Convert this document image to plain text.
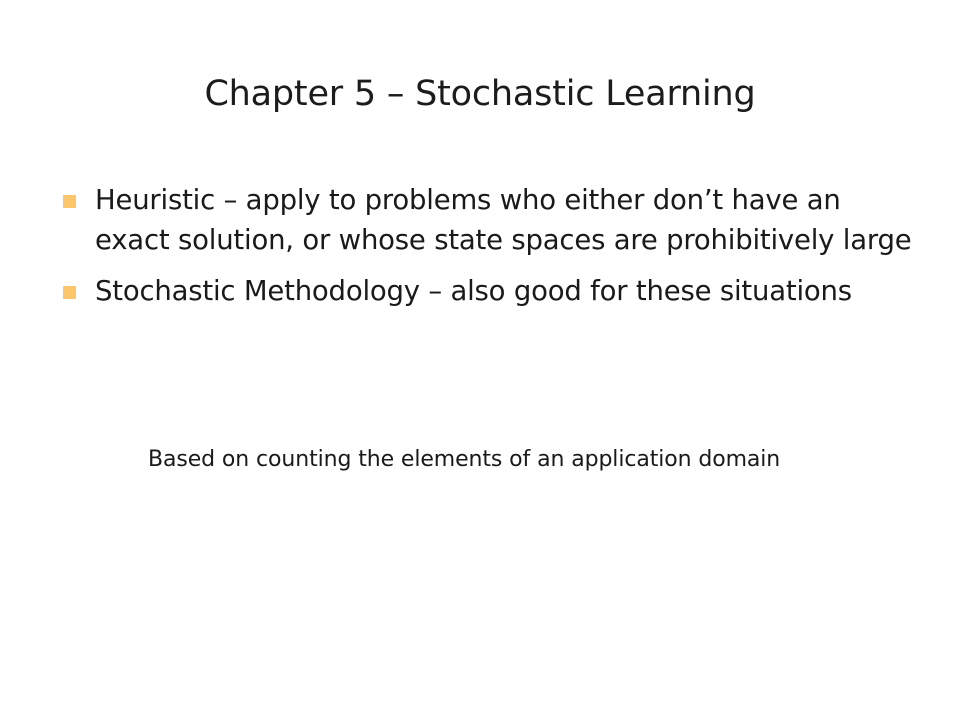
Chapter 5 – Stochastic Learning
Heuristic – apply to problems who either don’t have an exact solution, or whose state spaces are prohibitively large
Stochastic Methodology – also good for these situations
Based on counting the elements of an application domain
